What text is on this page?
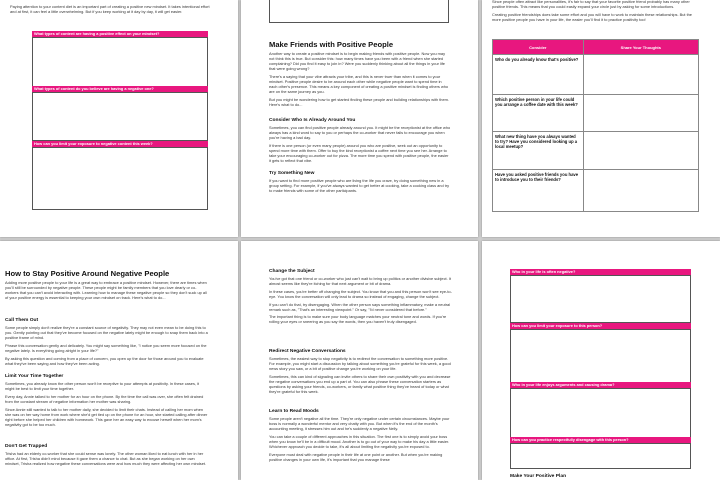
Paying attention to your content diet is an important part of creating a positive new mindset. It takes intentional effort and at first, it can feel a little overwhelming. But if you keep working at it day by day, it will get easier.
What types of content are having a positive effect on your mindset?
What types of content do you believe are having a negative one?
How can you limit your exposure to negative content this week?
Make Friends with Positive People

Another way to create a positive mindset is to begin making friends with positive people. Now you may not think this is true. But consider this: how many times have you been with a friend when she started complaining? Did you find it easy to join in? Were you suddenly thinking about all the things in your life that were going wrong?

There's a saying that your vibe attracts your tribe, and this is never truer than when it comes to your mindset. Positive people desire to be around each other while negative people want to spend time in each other's presence. This means a key component of creating a positive mindset is finding others who are on the same journey as you.

But you might be wondering how to get started finding these people and building relationships with them. Here's what to do...

Consider Who Is Already Around You

Sometimes, you can find positive people already around you. It might be the receptionist at the office who always has a kind word to say to you or perhaps the co-worker that never fails to encourage you when you're having a bad day.

If there is one person (or even many people) around you who are positive, seek out an opportunity to spend more time with them. Offer to buy the kind receptionist a coffee next time you see her. Arrange to take your encouraging co-worker out for pizza. The more time you spend with positive people, the easier it gets to reflect that vibe.

Try Something New

If you want to find more positive people who are living the life you crave, try doing something new in a group setting. For example, if you've always wanted to get better at cooking, take a cooking class and try to make friends with some of the other participants.

Since people often attract like personalities, it's fair to say that your favorite positive friend probably has many other positive friends. This means that you could easily expand your circle just by asking for some introductions.

Creating positive friendships does take some effort and you will have to work to maintain these relationships. But the more positive people you have in your life, the easier you'll find it to practice positivity too!

Consider	Share Your Thoughts
Who do you already know that's positive?	
Which positive person in your life could you arrange a coffee date with this week?	
What new thing have you always wanted to try? Have you considered looking up a local meetup?	
Have you asked positive friends you have to introduce you to their friends?	
How to Stay Positive Around Negative People

Adding more positive people to your life is a great way to embrace a positive mindset. However, there are times when you'll still be surrounded by negative people. These people might be family members that you love dearly or co-workers that you can't avoid interacting with. Learning how to manage these negative people so they don't suck up all of your positive energy is essential to keeping your own mindset on track. Here's what to do...

Call Them Out

Some people simply don't realize they're a constant source of negativity. They may not even mean to be doing this to you. Gently pointing out that they've become focused on the negative lately might be enough to snap them back into a positive frame of mind.

Phrase this conversation gently and delicately. You might say something like, "I notice you seem more focused on the negative lately. Is everything going alright in your life?"

By asking this question and coming from a place of concern, you open up the door for those around you to evaluate what they've been saying and how they've been acting.

Limit Your Time Together

Sometimes, you already know the other person won't be receptive to your attempts at positivity. In these cases, it might be best to limit your time together.

Every day, Annie talked to her mother for an hour on the phone. By the time the call was over, she often felt drained from the constant stream of negative information her mother was sharing.

Since Annie still wanted to talk to her mother daily, she decided to limit their chats. Instead of calling her mom when she was on her way home from work where she'd get tied up on the phone for an hour, she started calling after dinner right before she helped her children with homework. This gave her an easy way to excuse herself when her mom's negativity got to be too much.

Don't Get Trapped

Trisha had an elderly co-worker that she could sense was lonely. The other woman liked to eat lunch with her in her office. At first, Trisha didn't mind because it gave them a chance to chat. But as she began working on her own mindset, Trisha realized how negative these conversations were and how much they were affecting her own mindset.

Change the Subject

You've got that one friend or co-worker who just can't wait to bring up politics or another divisive subject. It almost seems like they're itching for that next argument or bit of drama.

In these cases, you're better off changing the subject. You know that you and this person won't see eye-to-eye. You know the conversation will only lead to drama so instead of engaging, change the subject.

If you can't do that, try disengaging. When the other person says something inflammatory, make a neutral remark such as, "That's an interesting viewpoint." Or say, "I'd never considered that before."

The important thing is to make sure your body language matches your neutral tone and words. If you're rolling your eyes or sneering as you say the words, then you haven't truly disengaged.

Redirect Negative Conversations

Sometimes, the easiest way to stop negativity is to redirect the conversation to something more positive. For example, you might start a discussion by talking about something you're grateful for this week, a good news story you saw, or a bit of positive change you're working on your life.

Sometimes, this can kind of signaling can invite others to share their own positivity with you and decrease the negative conversations you end up a part of. You can also phrase these conversation starters as questions by asking your friends, co-workers, or family what positive thing they've heard of today or what they're grateful for this week.

Learn to Read Moods

Some people aren't negative all the time. They're only negative under certain circumstances. Maybe your boss is normally a wonderful mentor and very chatty with you. But when it's the end of the month's accounting meeting, it stresses him out and he's suddenly a negative Nelly.

You can take a couple of different approaches in this situation. The first one is to simply avoid your boss when you know he'll be in a difficult mood. Another is to go out of your way to make his day a little easier. Whichever approach you decide to take, it's all about limiting the negativity you're exposed to.

Everyone must deal with negative people in their life at one point or another. But when you're making positive changes in your own life, it's important that you manage these

Who in your life is often negative?
How can you limit your exposure to this person?
Who in your life enjoys arguments and causing drama?
How can you practice respectfully disengage with this person?
Make Your Positive Plan
